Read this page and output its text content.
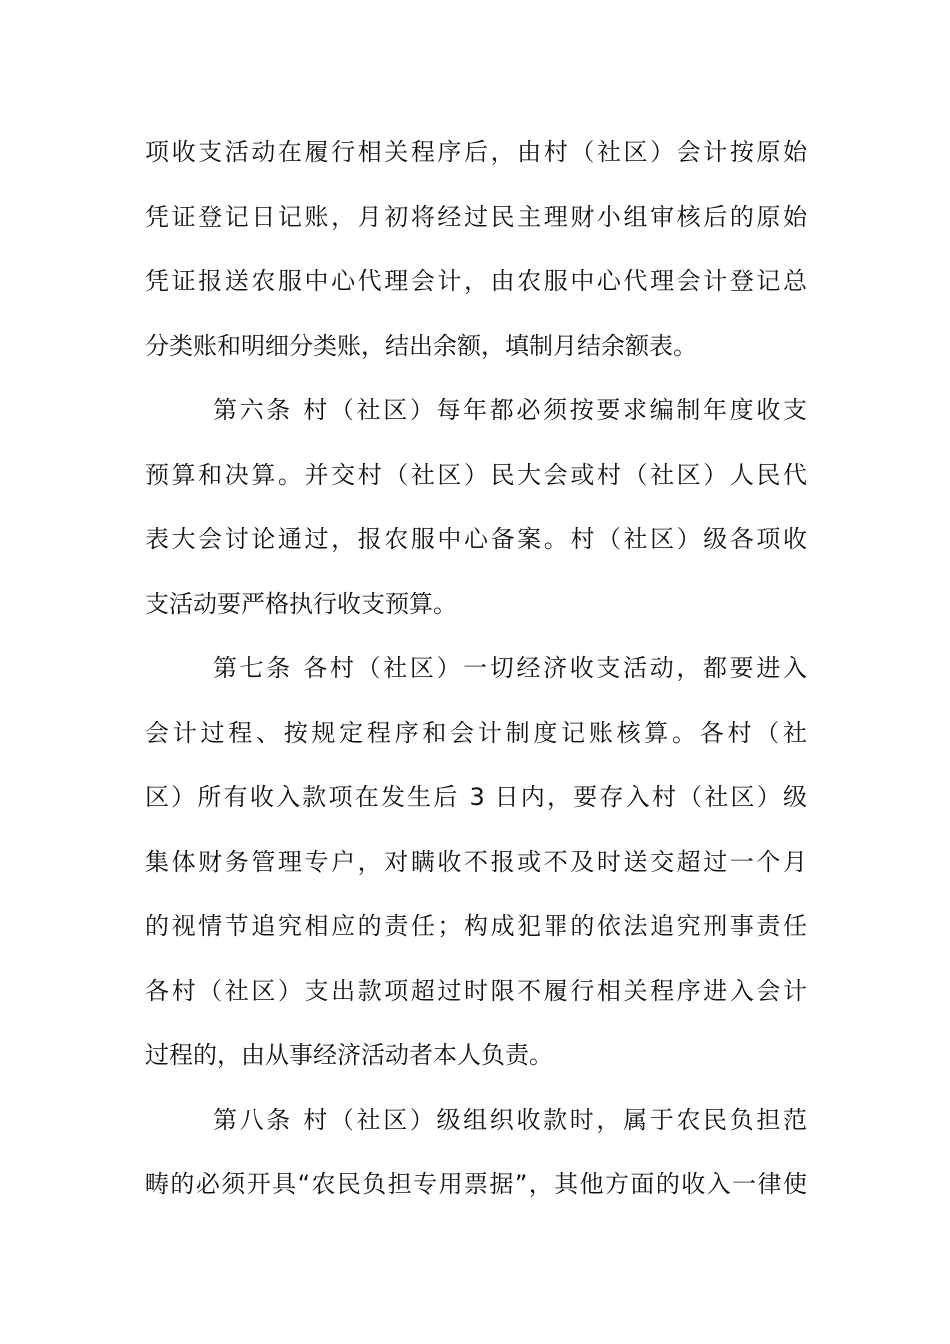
项收支活动在履行相关程序后，由村（社区）会计按原始
凭证登记日记账，月初将经过民主理财小组审核后的原始
凭证报送农服中心代理会计，由农服中心代理会计登记总
分类账和明细分类账，结出余额，填制月结余额表。
第六条 村（社区）每年都必须按要求编制年度收支
预算和决算。并交村（社区）民大会或村（社区）人民代
表大会讨论通过，报农服中心备案。村（社区）级各项收
支活动要严格执行收支预算。
第七条 各村（社区）一切经济收支活动，都要进入
会计过程、按规定程序和会计制度记账核算。各村（社
区）所有收入款项在发生后 3 日内，要存入村（社区）级
集体财务管理专户，对瞒收不报或不及时送交超过一个月
的视情节追究相应的责任；构成犯罪的依法追究刑事责任
各村（社区）支出款项超过时限不履行相关程序进入会计
过程的，由从事经济活动者本人负责。
第八条 村（社区）级组织收款时，属于农民负担范
畴的必须开具“农民负担专用票据”，其他方面的收入一律使
